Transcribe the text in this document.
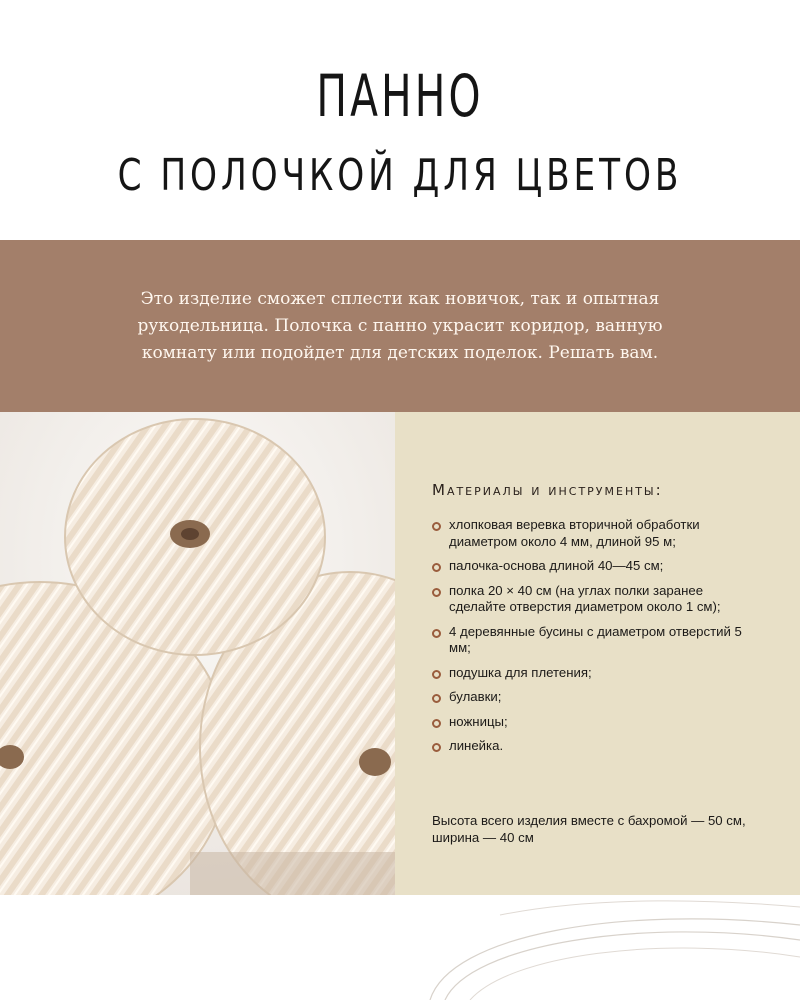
ПАННО
С ПОЛОЧКОЙ ДЛЯ ЦВЕТОВ

Это изделие сможет сплести как новичок, так и опытная рукодельница. Полочка с панно украсит коридор, ванную комнату или подойдет для детских поделок. Решать вам.

Материалы и инструменты:
хлопковая веревка вторичной обработки диаметром около 4 мм, длиной 95 м;
палочка-основа длиной 40—45 см;
полка 20 × 40 см (на углах полки заранее сделайте отверстия диаметром около 1 см);
4 деревянные бусины с диаметром отверстий 5 мм;
подушка для плетения;
булавки;
ножницы;
линейка.

Высота всего изделия вместе с бахромой — 50 см, ширина — 40 см
